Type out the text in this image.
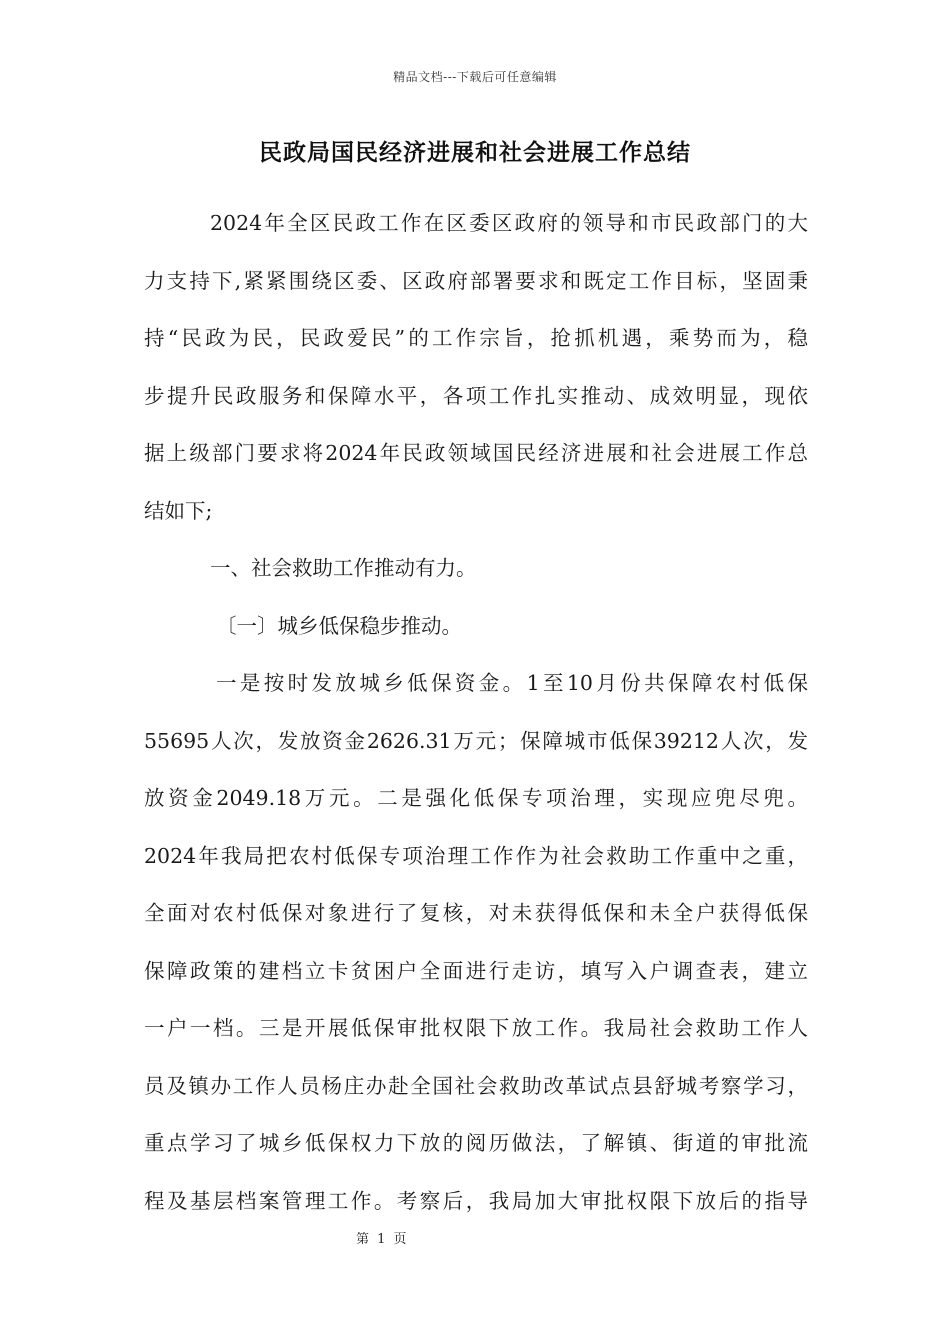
精品文档---下载后可任意编辑
民政局国民经济进展和社会进展工作总结
2024年全区民政工作在区委区政府的领导和市民政部门的大
力支持下,紧紧围绕区委、区政府部署要求和既定工作目标，坚固秉
持“民政为民，民政爱民”的工作宗旨，抢抓机遇，乘势而为，稳
步提升民政服务和保障水平，各项工作扎实推动、成效明显，现依
据上级部门要求将2024年民政领域国民经济进展和社会进展工作总
结如下;
一、社会救助工作推动有力。
〔一〕城乡低保稳步推动。
一是按时发放城乡低保资金。1至10月份共保障农村低保
55695人次，发放资金2626.31万元；保障城市低保39212人次，发
放资金2049.18万元。二是强化低保专项治理，实现应兜尽兜。
2024年我局把农村低保专项治理工作作为社会救助工作重中之重，
全面对农村低保对象进行了复核，对未获得低保和未全户获得低保
保障政策的建档立卡贫困户全面进行走访，填写入户调查表，建立
一户一档。三是开展低保审批权限下放工作。我局社会救助工作人
员及镇办工作人员杨庄办赴全国社会救助改革试点县舒城考察学习，
重点学习了城乡低保权力下放的阅历做法，了解镇、街道的审批流
程及基层档案管理工作。考察后，我局加大审批权限下放后的指导
第 1 页
